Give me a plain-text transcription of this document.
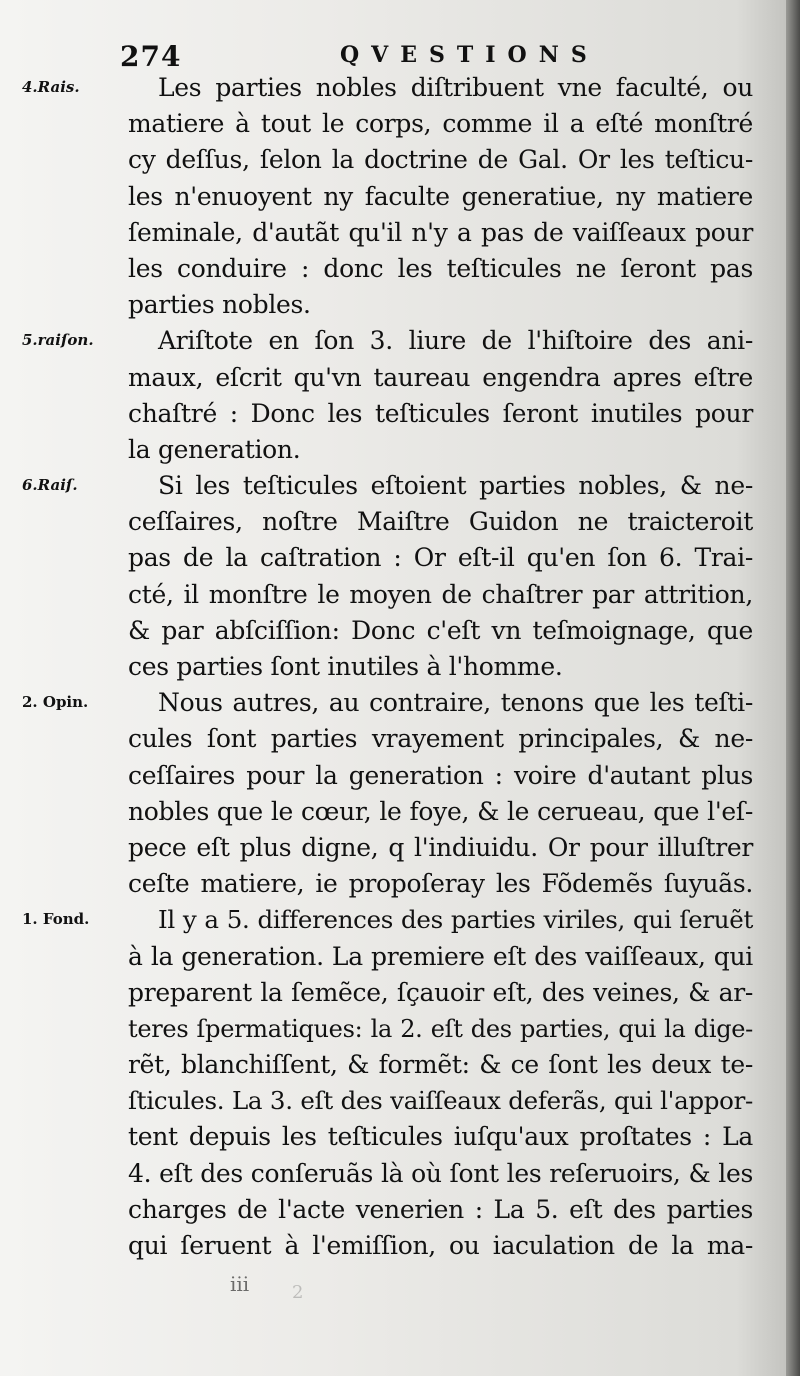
274	QVESTIONS
4.Rais.	Les parties nobles diſtribuent vne faculté, ou
matiere à tout le corps, comme il a eſté monſtré
cy deſſus, ſelon la doctrine de Gal. Or les teſticu-
les n'enuoyent ny faculte generatiue, ny matiere
ſeminale, d'autãt qu'il n'y a pas de vaiſſeaux pour
les conduire : donc les teſticules ne ſeront pas
parties nobles.
5.raiſon.	Ariſtote en ſon 3. liure de l'hiſtoire des ani-
maux, eſcrit qu'vn taureau engendra apres eſtre
chaſtré : Donc les teſticules ſeront inutiles pour
la generation.
6.Raiſ.	Si les teſticules eſtoient parties nobles, & ne-
ceſſaires, noſtre Maiſtre Guidon ne traicteroit
pas de la caſtration : Or eſt-il qu'en ſon 6. Trai-
cté, il monſtre le moyen de chaſtrer par attrition,
& par abſciſſion: Donc c'eſt vn teſmoignage, que
ces parties ſont inutiles à l'homme.
2. Opin.	Nous autres, au contraire, tenons que les teſti-
cules ſont parties vrayement principales, & ne-
ceſſaires pour la generation : voire d'autant plus
nobles que le cœur, le foye, & le cerueau, que l'eſ-
pece eſt plus digne, q l'indiuidu. Or pour illuſtrer
ceſte matiere, ie propoſeray les Fõdemẽs ſuyuãs.
1. Fond.	Il y a 5. differences des parties viriles, qui ſeruẽt
à la generation. La premiere eſt des vaiſſeaux, qui
preparent la ſemẽce, ſçauoir eſt, des veines, & ar-
teres ſpermatiques: la 2. eſt des parties, qui la dige-
rẽt, blanchiſſent, & formẽt: & ce ſont les deux te-
ſticules. La 3. eſt des vaiſſeaux deferãs, qui l'appor-
tent depuis les teſticules iuſqu'aux proſtates : La
4. eſt des conſeruãs là où ſont les reſeruoirs, & les
charges de l'acte venerien : La 5. eſt des parties
qui ſeruent à l'emiſſion, ou iaculation de la ma-
iii 2
